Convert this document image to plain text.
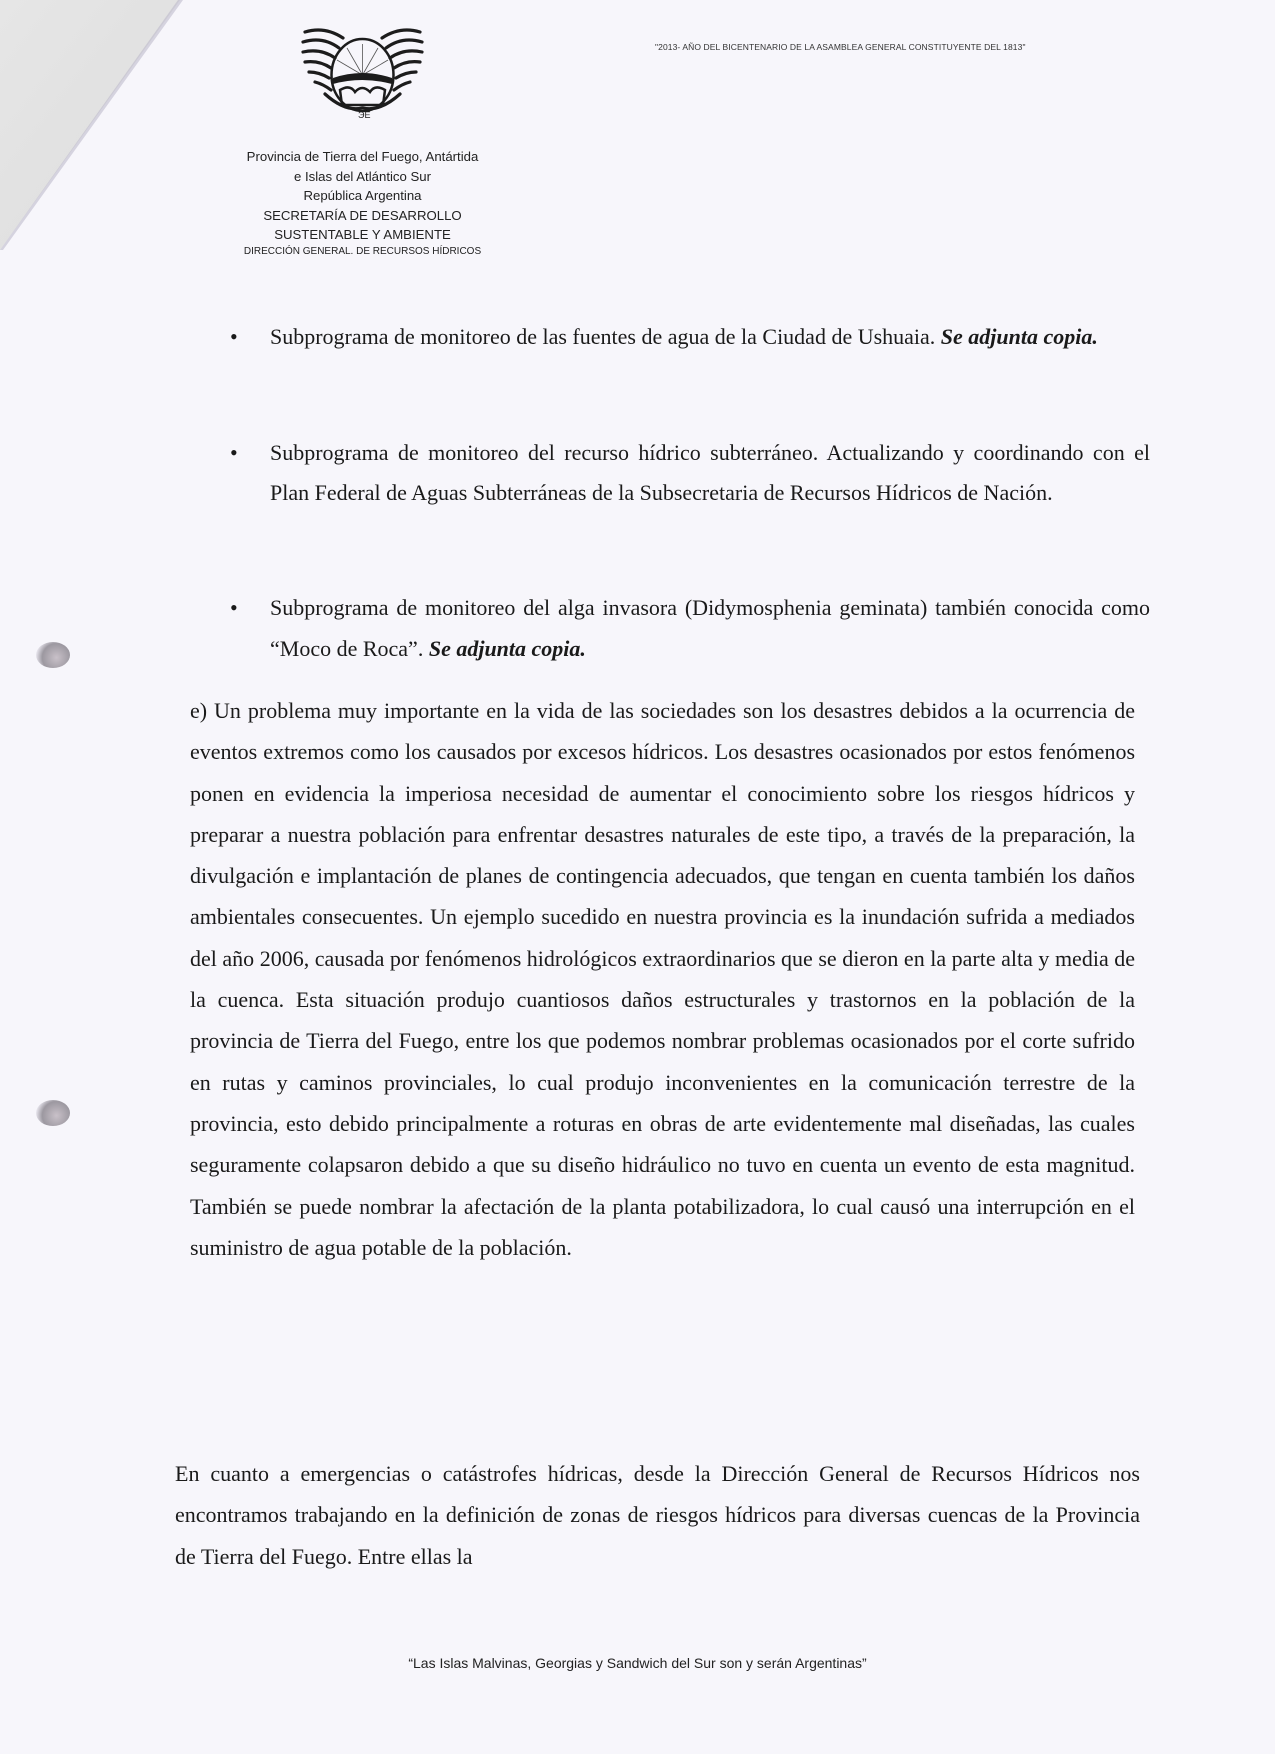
"2013- AÑO DEL BICENTENARIO DE LA ASAMBLEA GENERAL CONSTITUYENTE DEL 1813"
ЭЕ
Provincia de Tierra del Fuego, Antártida
e Islas del Atlántico Sur
República Argentina
SECRETARÍA DE DESARROLLO
SUSTENTABLE Y AMBIENTE
DIRECCIÓN GENERAL. DE RECURSOS HÍDRICOS
• Subprograma de monitoreo de las fuentes de agua de la Ciudad de Ushuaia. Se adjunta copia.
• Subprograma de monitoreo del recurso hídrico subterráneo. Actualizando y coordinando con el Plan Federal de Aguas Subterráneas de la Subsecretaria de Recursos Hídricos de Nación.
• Subprograma de monitoreo del alga invasora (Didymosphenia geminata) también conocida como “Moco de Roca”. Se adjunta copia.
e) Un problema muy importante en la vida de las sociedades son los desastres debidos a la ocurrencia de eventos extremos como los causados por excesos hídricos. Los desastres ocasionados por estos fenómenos ponen en evidencia la imperiosa necesidad de aumentar el conocimiento sobre los riesgos hídricos y preparar a nuestra población para enfrentar desastres naturales de este tipo, a través de la preparación, la divulgación e implantación de planes de contingencia adecuados, que tengan en cuenta también los daños ambientales consecuentes. Un ejemplo sucedido en nuestra provincia es la inundación sufrida a mediados del año 2006, causada por fenómenos hidrológicos extraordinarios que se dieron en la parte alta y media de la cuenca. Esta situación produjo cuantiosos daños estructurales y trastornos en la población de la provincia de Tierra del Fuego, entre los que podemos nombrar problemas ocasionados por el corte sufrido en rutas y caminos provinciales, lo cual produjo inconvenientes en la comunicación terrestre de la provincia, esto debido principalmente a roturas en obras de arte evidentemente mal diseñadas, las cuales seguramente colapsaron debido a que su diseño hidráulico no tuvo en cuenta un evento de esta magnitud. También se puede nombrar la afectación de la planta potabilizadora, lo cual causó una interrupción en el suministro de agua potable de la población.
En cuanto a emergencias o catástrofes hídricas, desde la Dirección General de Recursos Hídricos nos encontramos trabajando en la definición de zonas de riesgos hídricos para diversas cuencas de la Provincia de Tierra del Fuego. Entre ellas la
“Las Islas Malvinas, Georgias y Sandwich del Sur son y serán Argentinas”
